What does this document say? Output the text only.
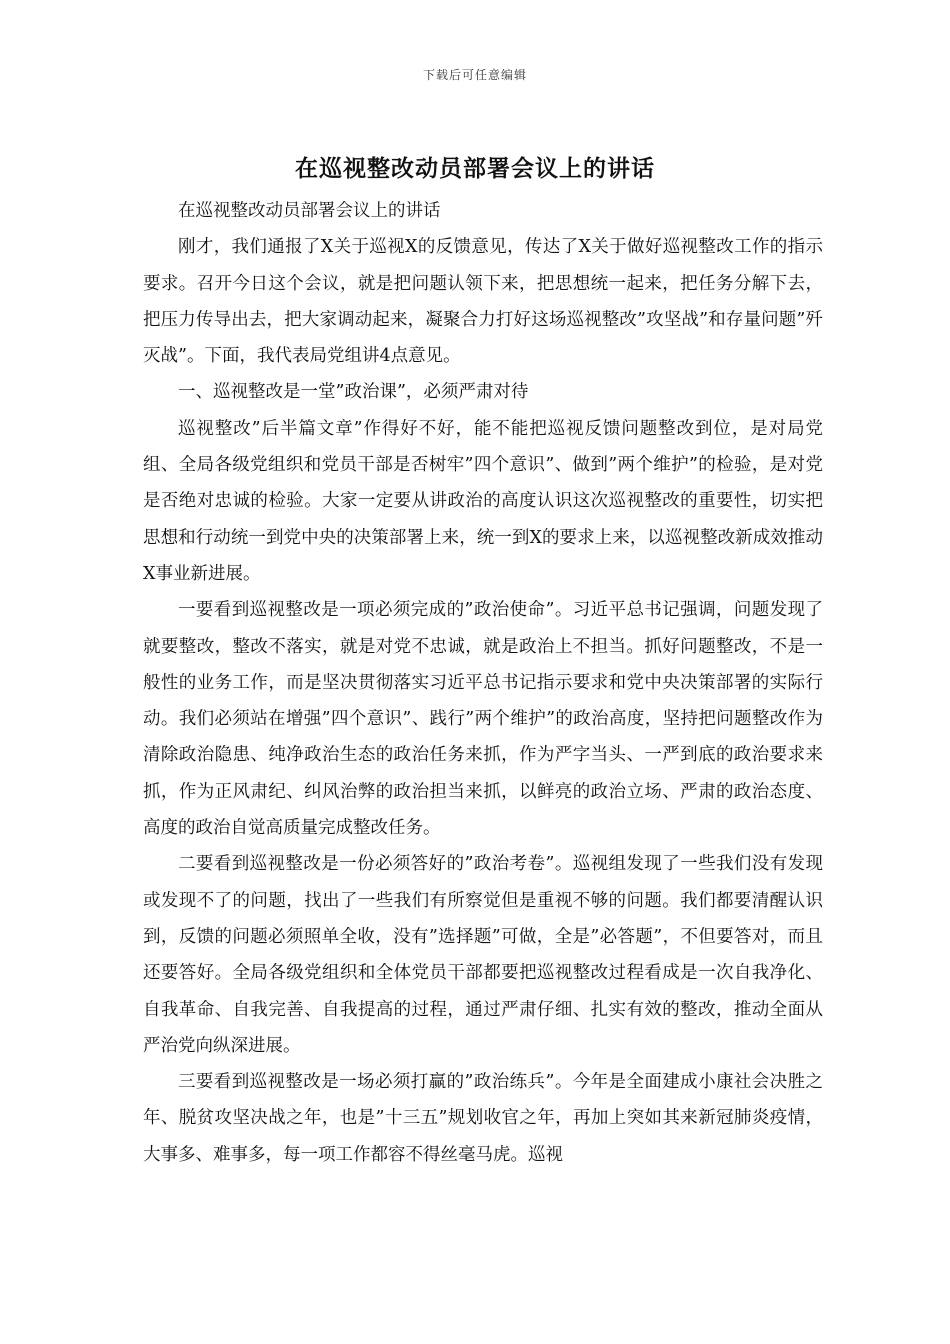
下载后可任意编辑
在巡视整改动员部署会议上的讲话

在巡视整改动员部署会议上的讲话

刚才，我们通报了X关于巡视X的反馈意见，传达了X关于做好巡视整改工作的指示要求。召开今日这个会议，就是把问题认领下来，把思想统一起来，把任务分解下去，把压力传导出去，把大家调动起来，凝聚合力打好这场巡视整改”攻坚战”和存量问题”歼灭战”。下面，我代表局党组讲4点意见。

一、巡视整改是一堂”政治课”，必须严肃对待

巡视整改”后半篇文章”作得好不好，能不能把巡视反馈问题整改到位，是对局党组、全局各级党组织和党员干部是否树牢”四个意识”、做到”两个维护”的检验，是对党是否绝对忠诚的检验。大家一定要从讲政治的高度认识这次巡视整改的重要性，切实把思想和行动统一到党中央的决策部署上来，统一到X的要求上来，以巡视整改新成效推动X事业新进展。

一要看到巡视整改是一项必须完成的”政治使命”。习近平总书记强调，问题发现了就要整改，整改不落实，就是对党不忠诚，就是政治上不担当。抓好问题整改，不是一般性的业务工作，而是坚决贯彻落实习近平总书记指示要求和党中央决策部署的实际行动。我们必须站在增强”四个意识”、践行”两个维护”的政治高度，坚持把问题整改作为清除政治隐患、纯净政治生态的政治任务来抓，作为严字当头、一严到底的政治要求来抓，作为正风肃纪、纠风治弊的政治担当来抓，以鲜亮的政治立场、严肃的政治态度、高度的政治自觉高质量完成整改任务。

二要看到巡视整改是一份必须答好的”政治考卷”。巡视组发现了一些我们没有发现或发现不了的问题，找出了一些我们有所察觉但是重视不够的问题。我们都要清醒认识到，反馈的问题必须照单全收，没有”选择题”可做，全是”必答题”，不但要答对，而且还要答好。全局各级党组织和全体党员干部都要把巡视整改过程看成是一次自我净化、自我革命、自我完善、自我提高的过程，通过严肃仔细、扎实有效的整改，推动全面从严治党向纵深进展。

三要看到巡视整改是一场必须打赢的”政治练兵”。今年是全面建成小康社会决胜之年、脱贫攻坚决战之年，也是”十三五”规划收官之年，再加上突如其来新冠肺炎疫情，大事多、难事多，每一项工作都容不得丝毫马虎。巡视
